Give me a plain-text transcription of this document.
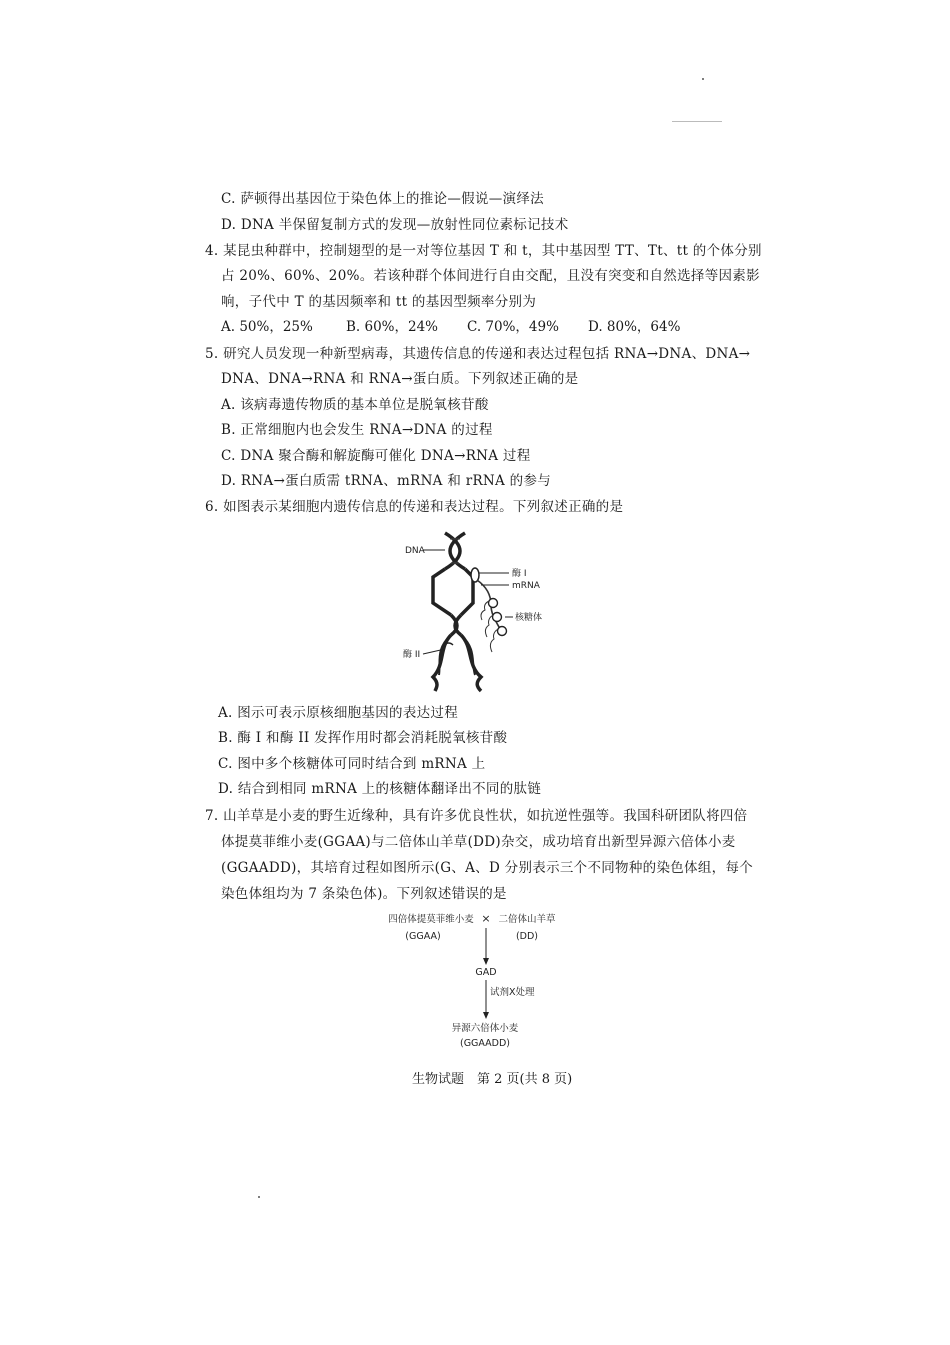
C. 萨顿得出基因位于染色体上的推论—假说—演绎法
D. DNA 半保留复制方式的发现—放射性同位素标记技术
4. 某昆虫种群中，控制翅型的是一对等位基因 T 和 t，其中基因型 TT、Tt、tt 的个体分别
占 20%、60%、20%。若该种群个体间进行自由交配，且没有突变和自然选择等因素影
响，子代中 T 的基因频率和 tt 的基因型频率分别为
A. 50%，25% B. 60%，24% C. 70%，49% D. 80%，64%
5. 研究人员发现一种新型病毒，其遗传信息的传递和表达过程包括 RNA→DNA、DNA→
DNA、DNA→RNA 和 RNA→蛋白质。下列叙述正确的是
A. 该病毒遗传物质的基本单位是脱氧核苷酸
B. 正常细胞内也会发生 RNA→DNA 的过程
C. DNA 聚合酶和解旋酶可催化 DNA→RNA 过程
D. RNA→蛋白质需 tRNA、mRNA 和 rRNA 的参与
6. 如图表示某细胞内遗传信息的传递和表达过程。下列叙述正确的是
DNA
酶 I
mRNA
核糖体
酶 II
A. 图示可表示原核细胞基因的表达过程
B. 酶 I 和酶 II 发挥作用时都会消耗脱氧核苷酸
C. 图中多个核糖体可同时结合到 mRNA 上
D. 结合到相同 mRNA 上的核糖体翻译出不同的肽链
7. 山羊草是小麦的野生近缘种，具有许多优良性状，如抗逆性强等。我国科研团队将四倍
体提莫菲维小麦(GGAA)与二倍体山羊草(DD)杂交，成功培育出新型异源六倍体小麦
(GGAADD)，其培育过程如图所示(G、A、D 分别表示三个不同物种的染色体组，每个
染色体组均为 7 条染色体)。下列叙述错误的是
四倍体提莫菲维小麦
(GGAA)
× 二倍体山羊草
(DD)
GAD
试剂X处理
异源六倍体小麦
(GGAADD)
生物试题　第 2 页(共 8 页)
